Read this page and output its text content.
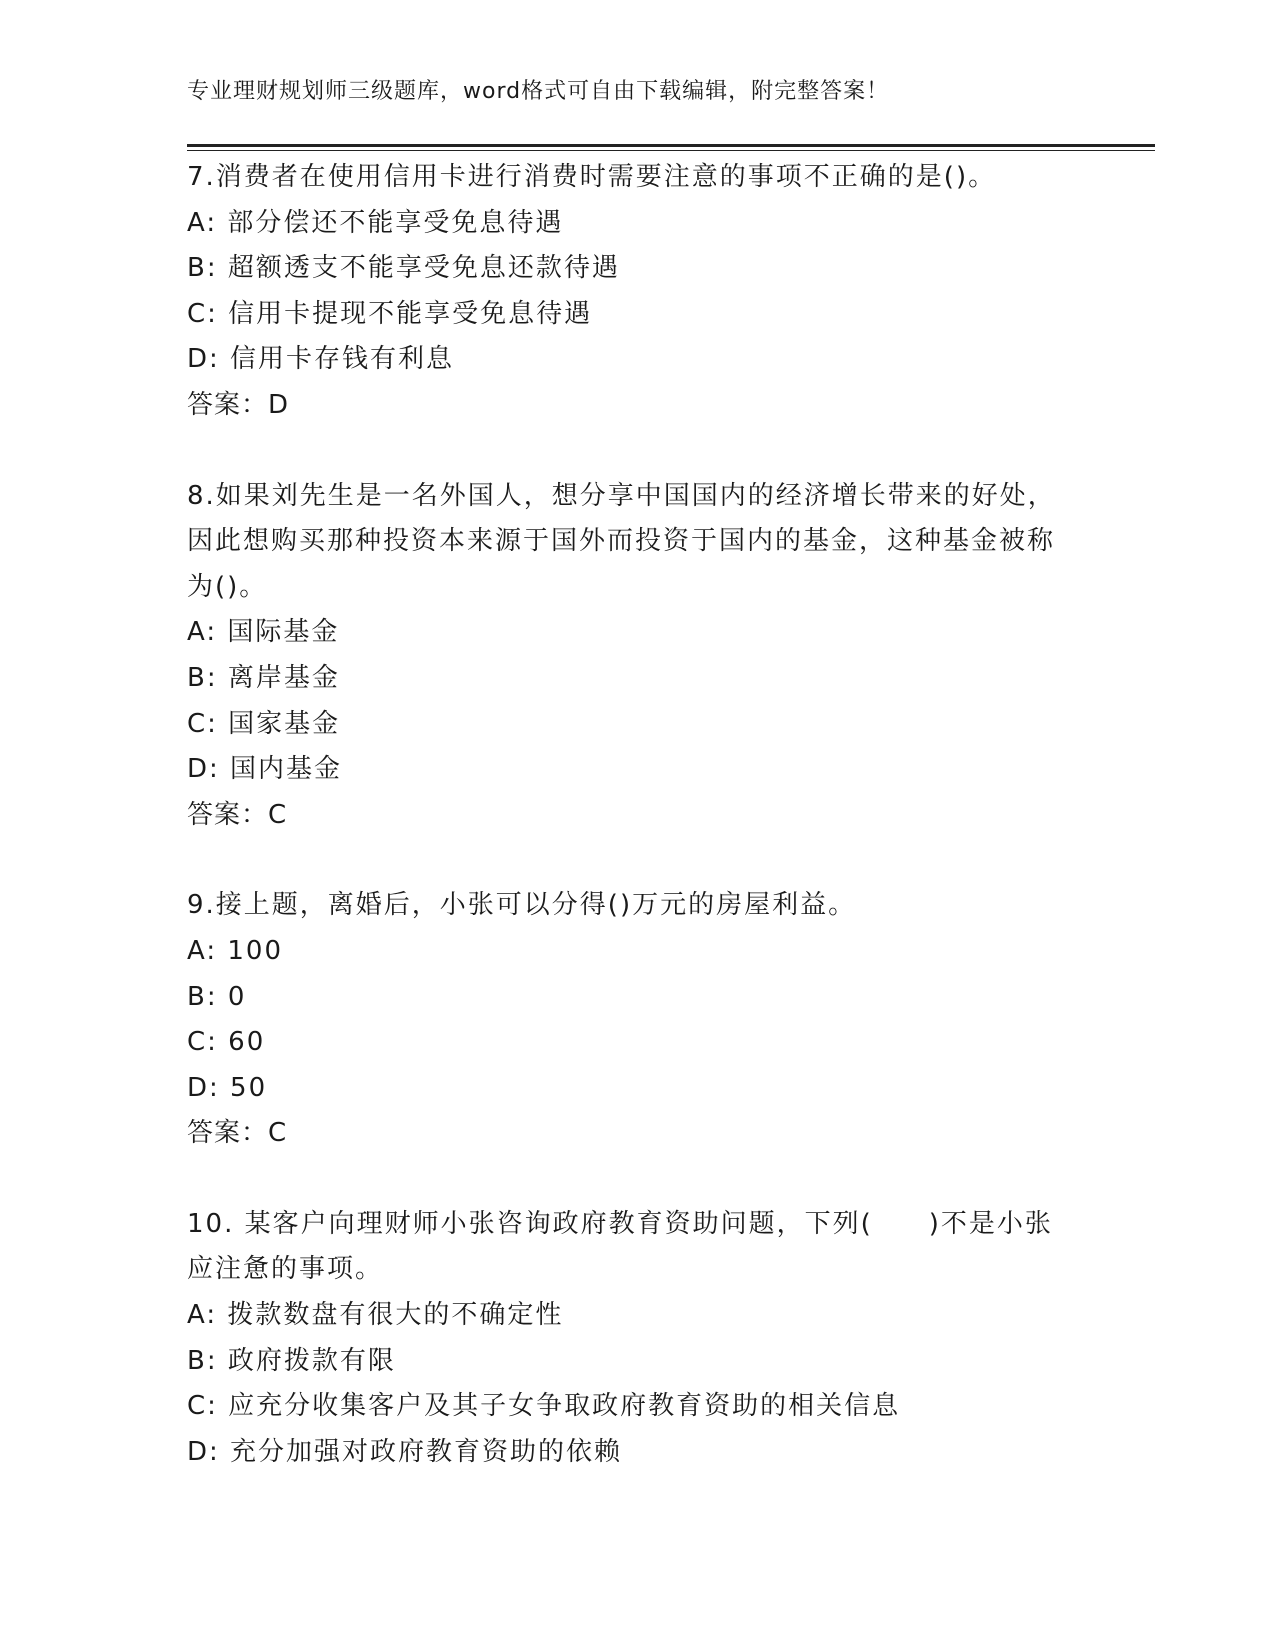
专业理财规划师三级题库，word格式可自由下载编辑，附完整答案！

7.消费者在使用信用卡进行消费时需要注意的事项不正确的是()。

A: 部分偿还不能享受免息待遇

B: 超额透支不能享受免息还款待遇

C: 信用卡提现不能享受免息待遇

D: 信用卡存钱有利息

答案：D

8.如果刘先生是一名外国人，想分享中国国内的经济增长带来的好处，因此想购买那种投资本来源于国外而投资于国内的基金，这种基金被称为()。

A: 国际基金

B: 离岸基金

C: 国家基金

D: 国内基金

答案：C

9.接上题，离婚后，小张可以分得()万元的房屋利益。

A: 100

B: 0

C: 60

D: 50

答案：C

10. 某客户向理财师小张咨询政府教育资助问题，下列(　　)不是小张应注惫的事项。

A: 拨款数盘有很大的不确定性

B: 政府拨款有限

C: 应充分收集客户及其子女争取政府教育资助的相关信息

D: 充分加强对政府教育资助的依赖
